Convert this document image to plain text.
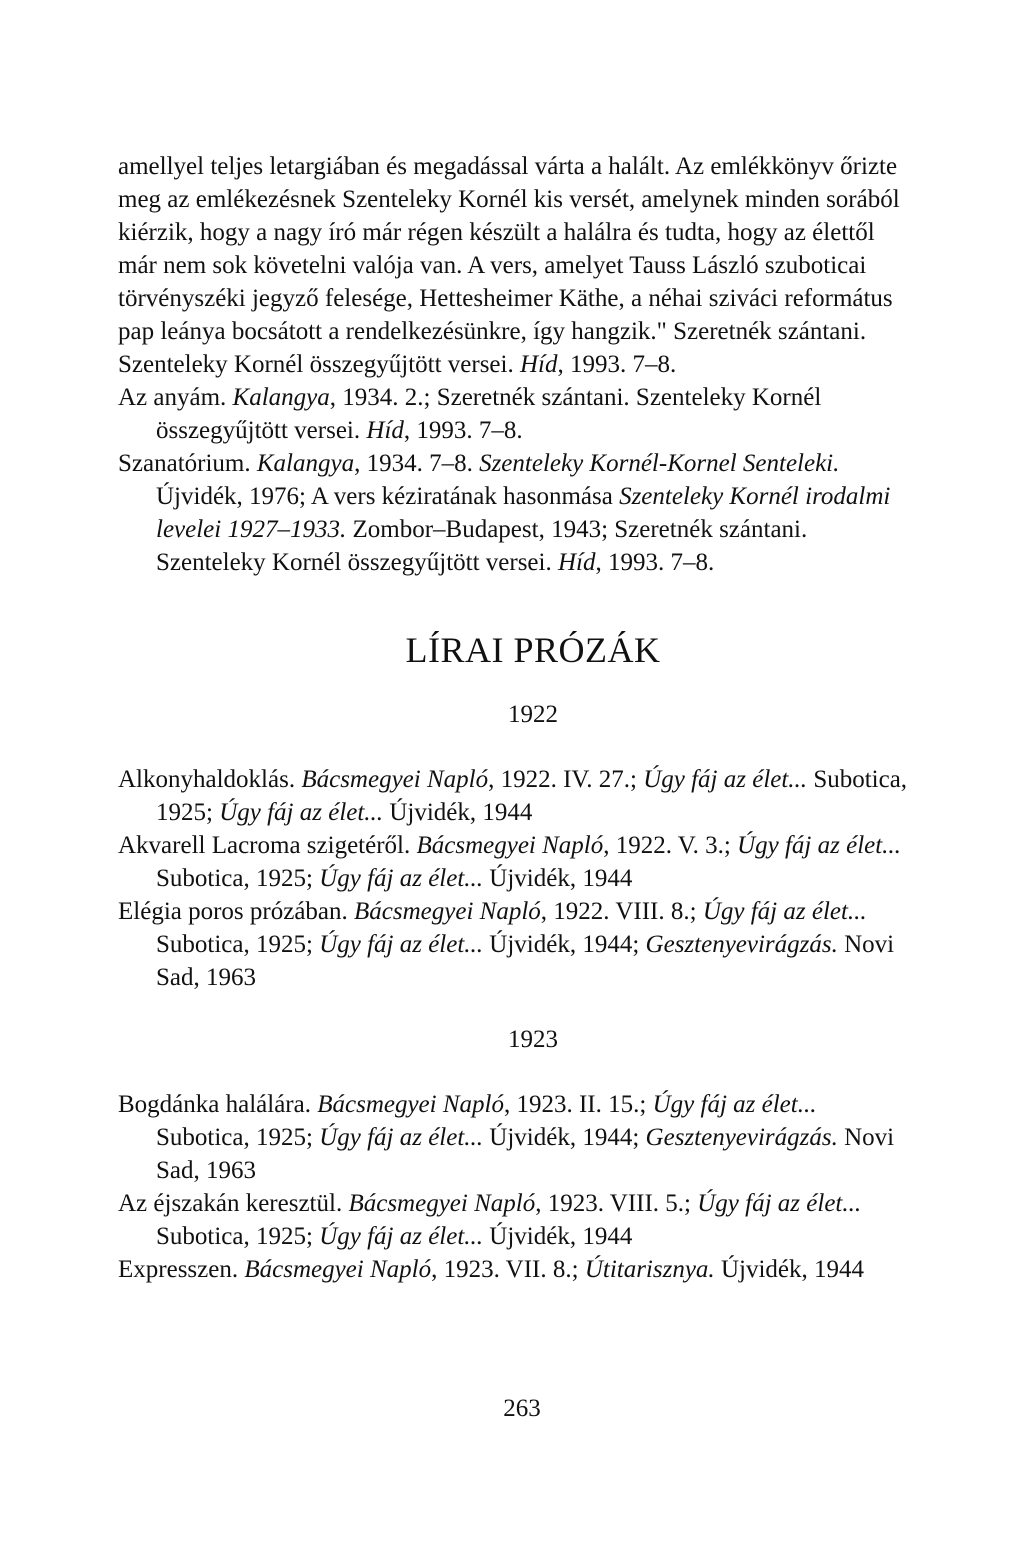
amellyel teljes letargiában és megadással várta a halált. Az emlékkönyv őrizte meg az emlékezésnek Szenteleky Kornél kis versét, amelynek minden sorából kiérzik, hogy a nagy író már régen készült a halálra és tudta, hogy az élettől már nem sok követelni valója van. A vers, amelyet Tauss László szuboticai törvényszéki jegyző felesége, Hettesheimer Käthe, a néhai sziváci református pap leánya bocsátott a rendelkezésünkre, így hangzik." Szeretnék szántani. Szenteleky Kornél összegyűjtött versei. Híd, 1993. 7–8.

Az anyám. Kalangya, 1934. 2.; Szeretnék szántani. Szenteleky Kornél összegyűjtött versei. Híd, 1993. 7–8.

Szanatórium. Kalangya, 1934. 7–8. Szenteleky Kornél-Kornel Senteleki. Újvidék, 1976; A vers kéziratának hasonmása Szenteleky Kornél irodalmi levelei 1927–1933. Zombor–Budapest, 1943; Szeretnék szántani. Szenteleky Kornél összegyűjtött versei. Híd, 1993. 7–8.

LÍRAI PRÓZÁK
1922

Alkonyhaldoklás. Bácsmegyei Napló, 1922. IV. 27.; Úgy fáj az élet... Subotica, 1925; Úgy fáj az élet... Újvidék, 1944

Akvarell Lacroma szigetéről. Bácsmegyei Napló, 1922. V. 3.; Úgy fáj az élet... Subotica, 1925; Úgy fáj az élet... Újvidék, 1944

Elégia poros prózában. Bácsmegyei Napló, 1922. VIII. 8.; Úgy fáj az élet... Subotica, 1925; Úgy fáj az élet... Újvidék, 1944; Gesztenyevirágzás. Novi Sad, 1963

1923

Bogdánka halálára. Bácsmegyei Napló, 1923. II. 15.; Úgy fáj az élet... Subotica, 1925; Úgy fáj az élet... Újvidék, 1944; Gesztenyevirágzás. Novi Sad, 1963

Az éjszakán keresztül. Bácsmegyei Napló, 1923. VIII. 5.; Úgy fáj az élet... Subotica, 1925; Úgy fáj az élet... Újvidék, 1944

Expresszen. Bácsmegyei Napló, 1923. VII. 8.; Útitarisznya. Újvidék, 1944

263
